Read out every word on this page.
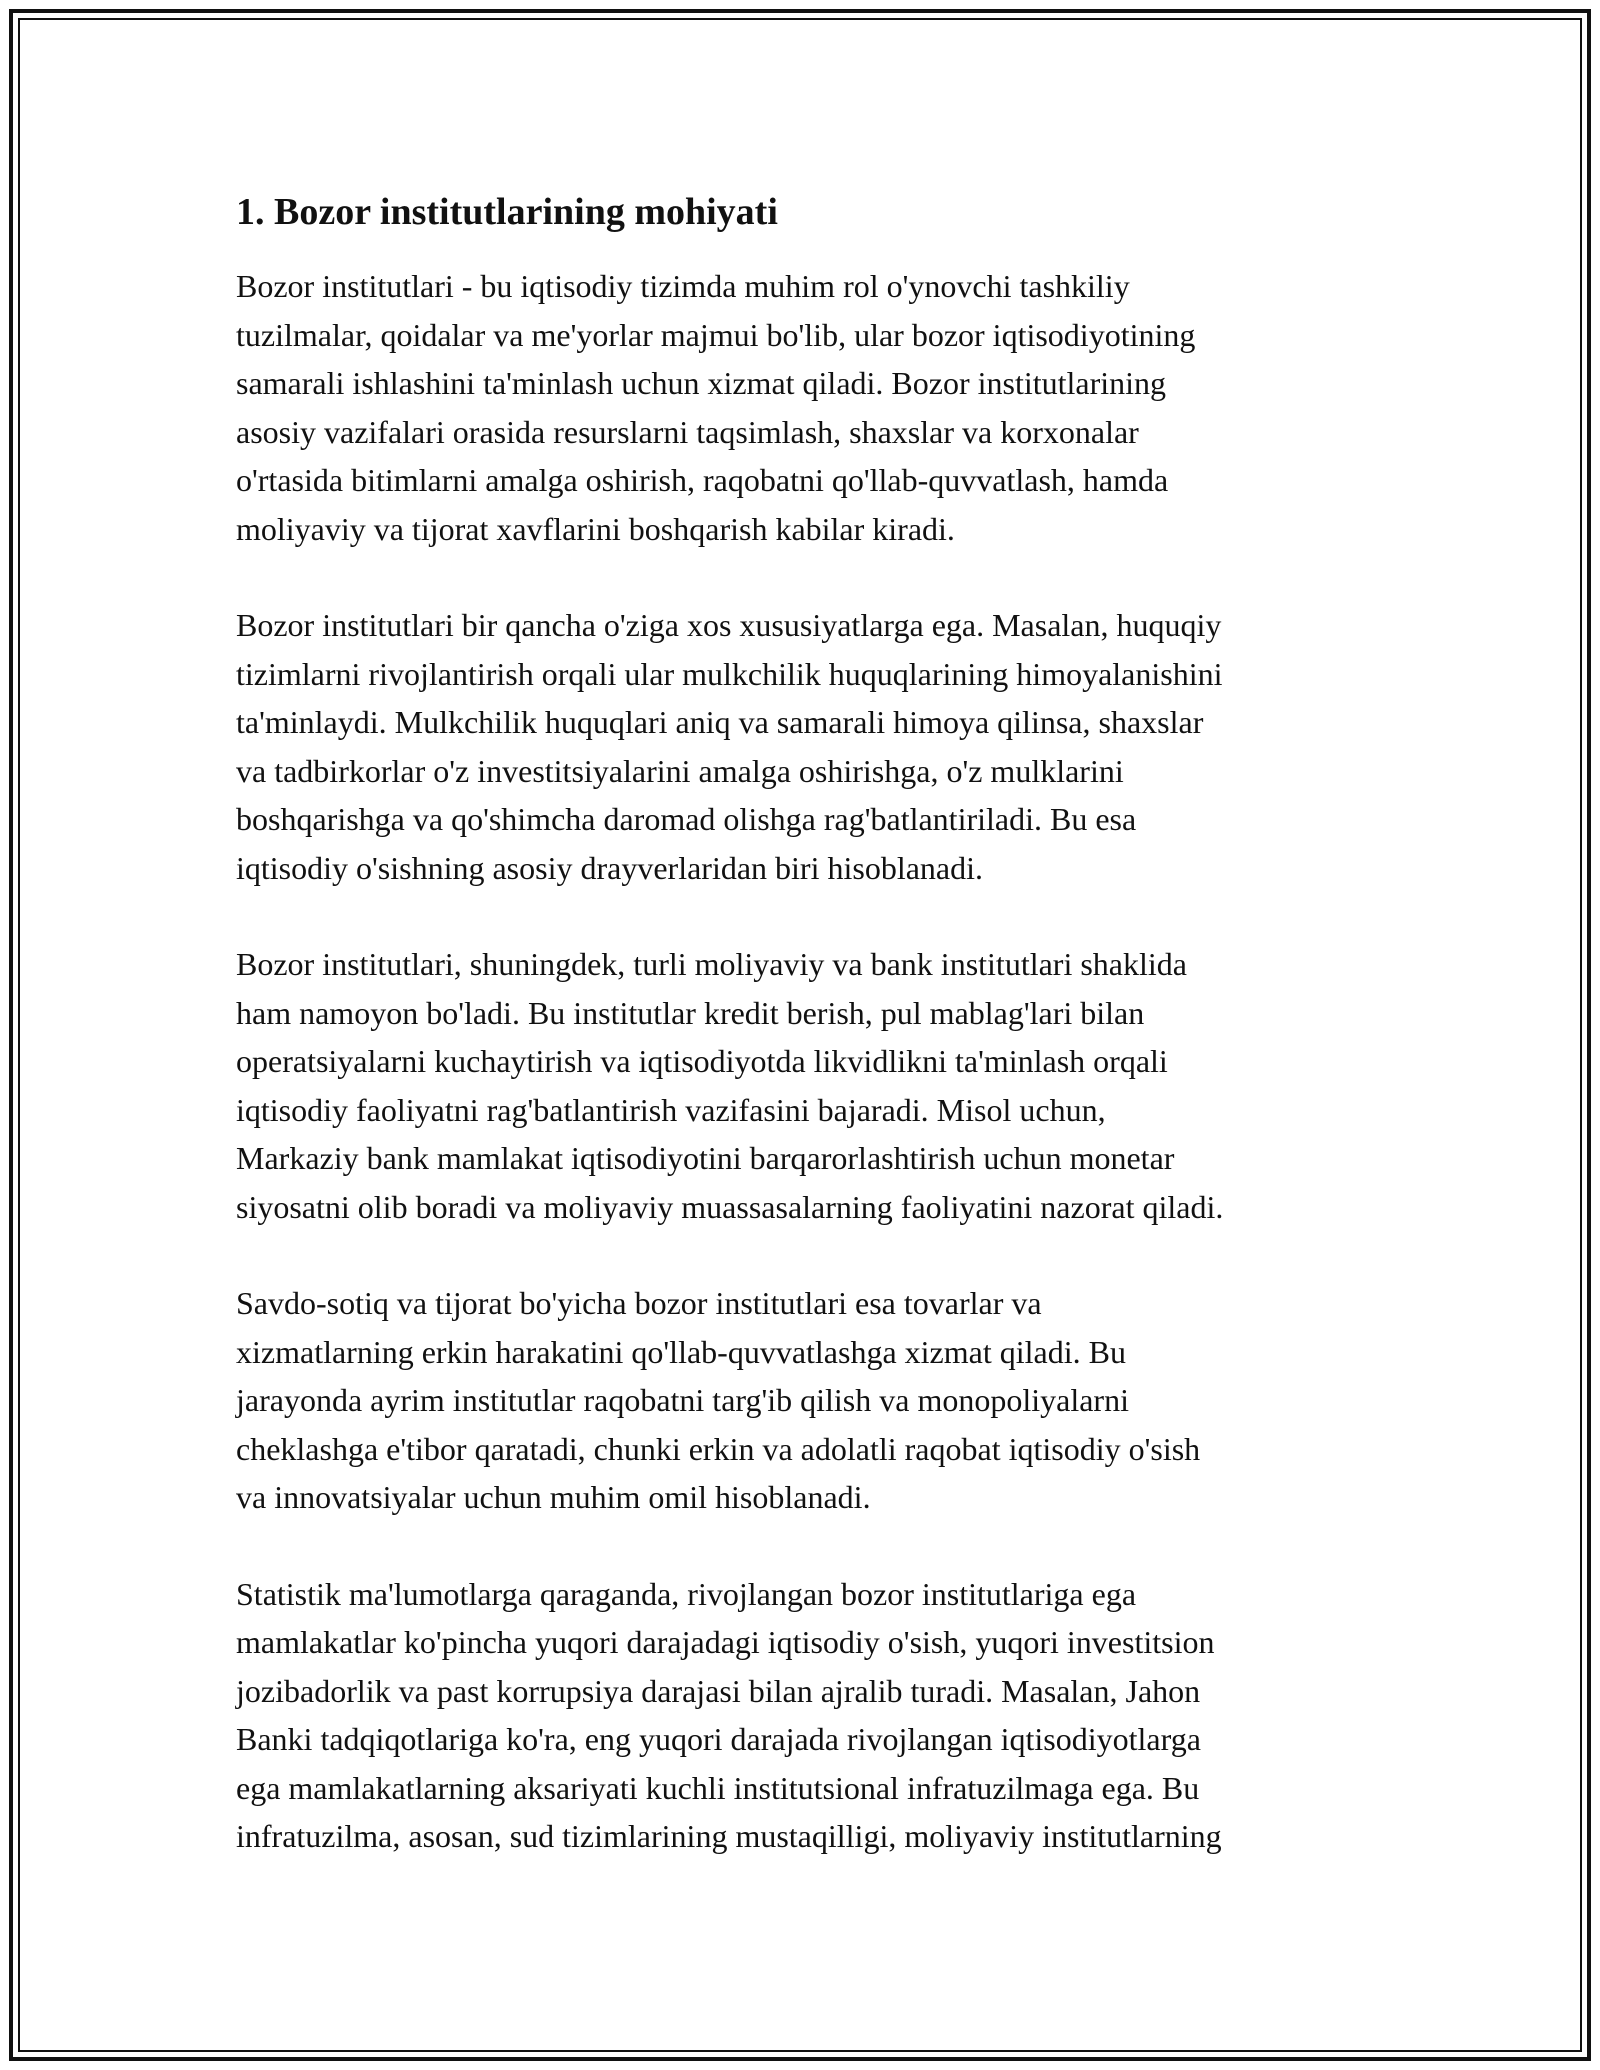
1. Bozor institutlarining mohiyati

Bozor institutlari - bu iqtisodiy tizimda muhim rol o'ynovchi tashkiliy
tuzilmalar, qoidalar va me'yorlar majmui bo'lib, ular bozor iqtisodiyotining
samarali ishlashini ta'minlash uchun xizmat qiladi. Bozor institutlarining
asosiy vazifalari orasida resurslarni taqsimlash, shaxslar va korxonalar
o'rtasida bitimlarni amalga oshirish, raqobatni qo'llab-quvvatlash, hamda
moliyaviy va tijorat xavflarini boshqarish kabilar kiradi.

Bozor institutlari bir qancha o'ziga xos xususiyatlarga ega. Masalan, huquqiy
tizimlarni rivojlantirish orqali ular mulkchilik huquqlarining himoyalanishini
ta'minlaydi. Mulkchilik huquqlari aniq va samarali himoya qilinsa, shaxslar
va tadbirkorlar o'z investitsiyalarini amalga oshirishga, o'z mulklarini
boshqarishga va qo'shimcha daromad olishga rag'batlantiriladi. Bu esa
iqtisodiy o'sishning asosiy drayverlaridan biri hisoblanadi.

Bozor institutlari, shuningdek, turli moliyaviy va bank institutlari shaklida
ham namoyon bo'ladi. Bu institutlar kredit berish, pul mablag'lari bilan
operatsiyalarni kuchaytirish va iqtisodiyotda likvidlikni ta'minlash orqali
iqtisodiy faoliyatni rag'batlantirish vazifasini bajaradi. Misol uchun,
Markaziy bank mamlakat iqtisodiyotini barqarorlashtirish uchun monetar
siyosatni olib boradi va moliyaviy muassasalarning faoliyatini nazorat qiladi.

Savdo-sotiq va tijorat bo'yicha bozor institutlari esa tovarlar va
xizmatlarning erkin harakatini qo'llab-quvvatlashga xizmat qiladi. Bu
jarayonda ayrim institutlar raqobatni targ'ib qilish va monopoliyalarni
cheklashga e'tibor qaratadi, chunki erkin va adolatli raqobat iqtisodiy o'sish
va innovatsiyalar uchun muhim omil hisoblanadi.

Statistik ma'lumotlarga qaraganda, rivojlangan bozor institutlariga ega
mamlakatlar ko'pincha yuqori darajadagi iqtisodiy o'sish, yuqori investitsion
jozibadorlik va past korrupsiya darajasi bilan ajralib turadi. Masalan, Jahon
Banki tadqiqotlariga ko'ra, eng yuqori darajada rivojlangan iqtisodiyotlarga
ega mamlakatlarning aksariyati kuchli institutsional infratuzilmaga ega. Bu
infratuzilma, asosan, sud tizimlarining mustaqilligi, moliyaviy institutlarning
